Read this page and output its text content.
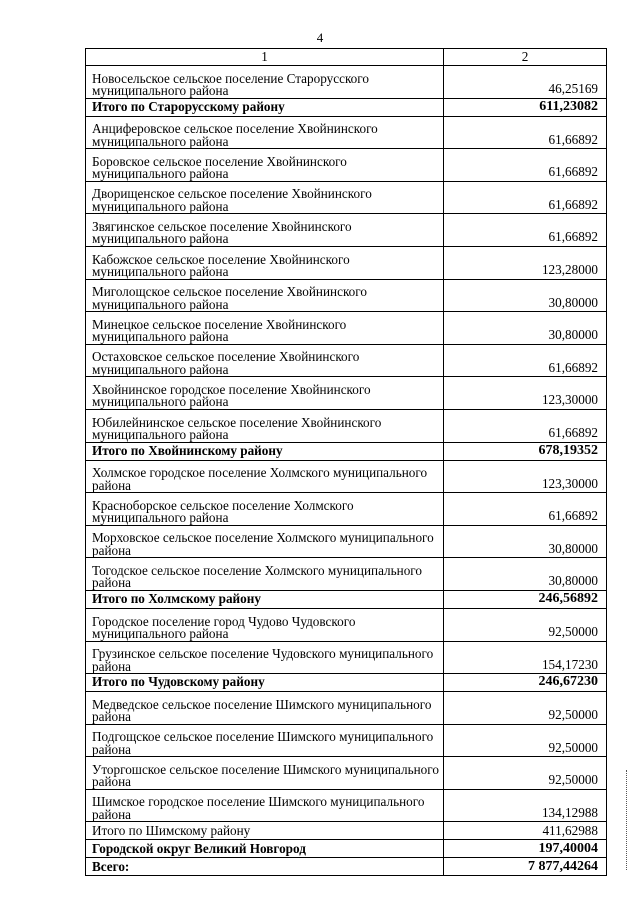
4
1	2
Новосельское сельское поселение Старорусского муниципального района	46,25169
Итого по Старорусскому району	611,23082
Анциферовское сельское поселение Хвойнинского муниципального района	61,66892
Боровское сельское поселение Хвойнинского муниципального района	61,66892
Дворищенское сельское поселение Хвойнинского муниципального района	61,66892
Звягинское сельское поселение Хвойнинского муниципального района	61,66892
Кабожское сельское поселение Хвойнинского муниципального района	123,28000
Миголощское сельское поселение Хвойнинского муниципального района	30,80000
Минецкое сельское поселение Хвойнинского муниципального района	30,80000
Остаховское сельское поселение Хвойнинского муниципального района	61,66892
Хвойнинское городское поселение Хвойнинского муниципального района	123,30000
Юбилейнинское сельское поселение Хвойнинского муниципального района	61,66892
Итого по Хвойнинскому району	678,19352
Холмское городское поселение Холмского муниципального района	123,30000
Красноборское сельское поселение Холмского муниципального района	61,66892
Морховское сельское поселение Холмского муниципального района	30,80000
Тогодское сельское поселение Холмского муниципального района	30,80000
Итого по Холмскому району	246,56892
Городское поселение город Чудово Чудовского муниципального района	92,50000
Грузинское сельское поселение Чудовского муниципального района	154,17230
Итого по Чудовскому району	246,67230
Медведское сельское поселение Шимского муниципального района	92,50000
Подгощское сельское поселение Шимского муниципального района	92,50000
Уторгошское сельское поселение Шимского муниципального района	92,50000
Шимское городское поселение Шимского муниципального района	134,12988
Итого по Шимскому району	411,62988
Городской округ Великий Новгород	197,40004
Всего:	7 877,44264
